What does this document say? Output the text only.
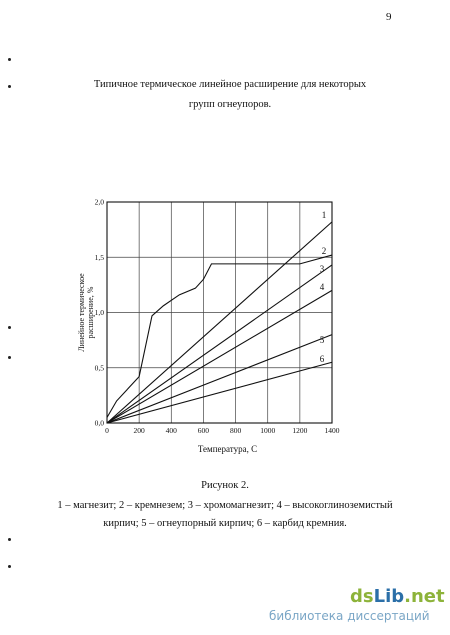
9
Типичное термическое линейное расширение для некоторых
групп огнеупоров.
0	200	400	600	800	1000 1200 1400
0,0
0,5
1,0
1,5
2,0
Температура, С
Линейное термическое расширение, %
1
2
3
4
5
6
Рисунок 2.
1 – магнезит; 2 – кремнезем; 3 – хромомагнезит; 4 – высокоглиноземистый
кирпич; 5 – огнеупорный кирпич; 6 – карбид кремния.
dsLib.net
библиотека диссертаций
